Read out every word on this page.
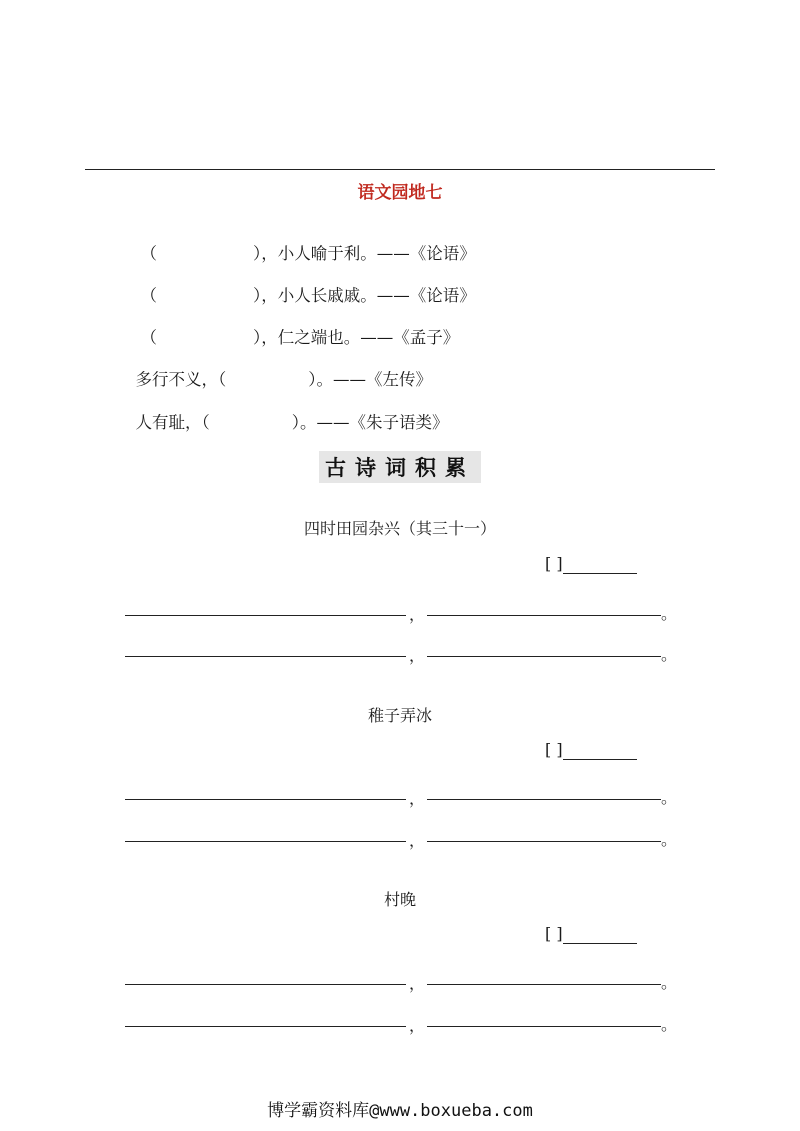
语文园地七

（	），小人喻于利。——《论语》

（	），小人长戚戚。——《论语》

（	），仁之端也。——《孟子》

多行不义，（	）。——《左传》

人有耻，（	）。——《朱子语类》

古诗词积累
四时田园杂兴（其三十一）
[ ]
，	。
，	。
稚子弄冰
[ ]
，	。
，	。
村晚
[ ]
，	。
，	。
博学霸资料库@www.boxueba.com
